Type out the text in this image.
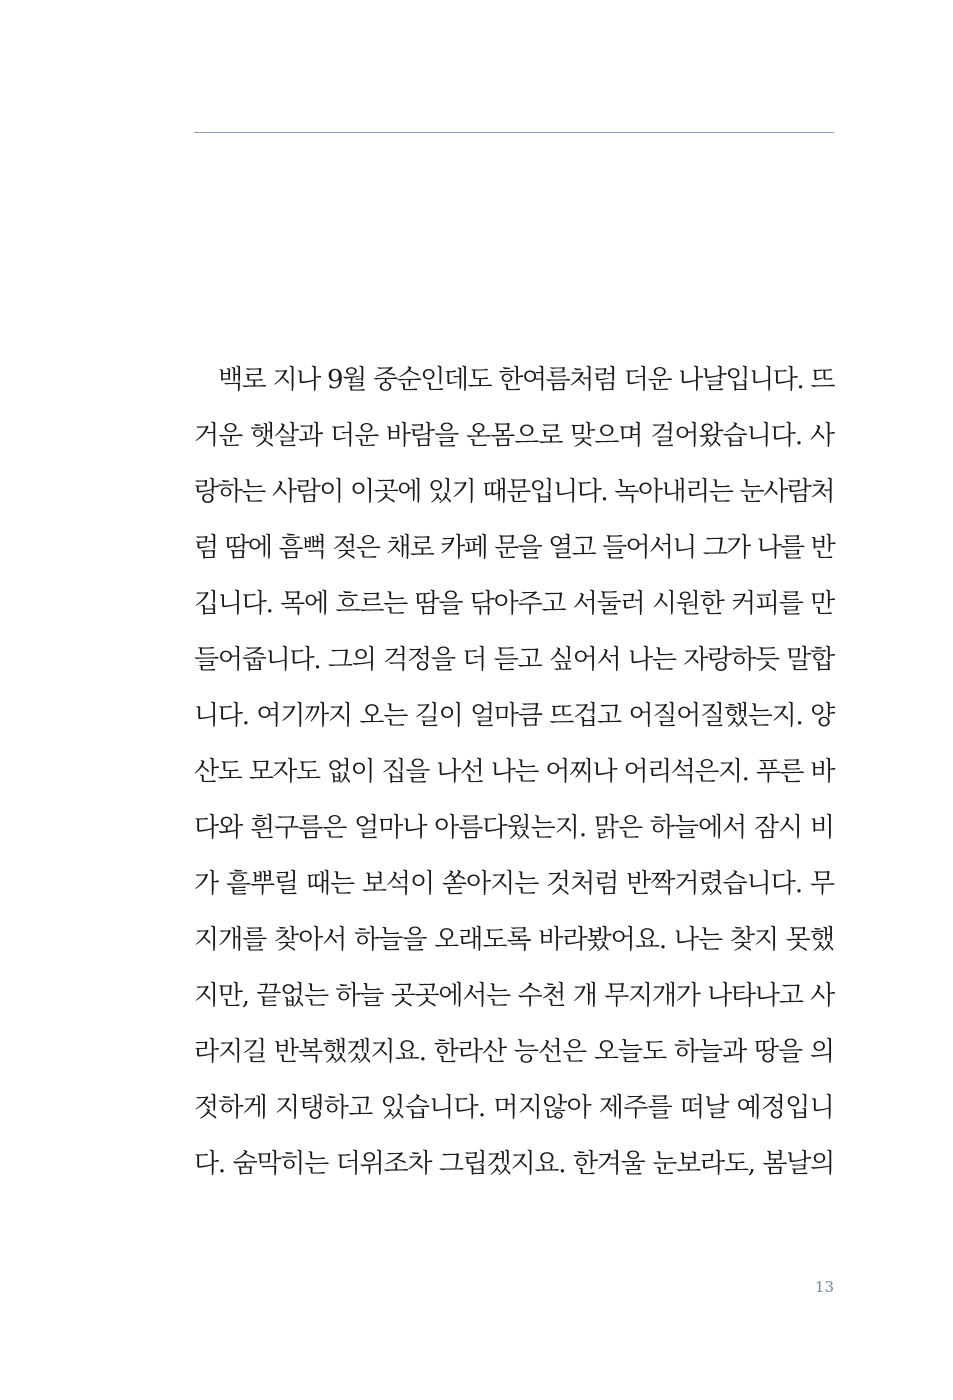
백로 지나 9월 중순인데도 한여름처럼 더운 나날입니다. 뜨
거운 햇살과 더운 바람을 온몸으로 맞으며 걸어왔습니다. 사
랑하는 사람이 이곳에 있기 때문입니다. 녹아내리는 눈사람처
럼 땀에 흠뻑 젖은 채로 카페 문을 열고 들어서니 그가 나를 반
깁니다. 목에 흐르는 땀을 닦아주고 서둘러 시원한 커피를 만
들어줍니다. 그의 걱정을 더 듣고 싶어서 나는 자랑하듯 말합
니다. 여기까지 오는 길이 얼마큼 뜨겁고 어질어질했는지. 양
산도 모자도 없이 집을 나선 나는 어찌나 어리석은지. 푸른 바
다와 흰구름은 얼마나 아름다웠는지. 맑은 하늘에서 잠시 비
가 흩뿌릴 때는 보석이 쏟아지는 것처럼 반짝거렸습니다. 무
지개를 찾아서 하늘을 오래도록 바라봤어요. 나는 찾지 못했
지만, 끝없는 하늘 곳곳에서는 수천 개 무지개가 나타나고 사
라지길 반복했겠지요. 한라산 능선은 오늘도 하늘과 땅을 의
젓하게 지탱하고 있습니다. 머지않아 제주를 떠날 예정입니
다. 숨막히는 더위조차 그립겠지요. 한겨울 눈보라도, 봄날의
13
